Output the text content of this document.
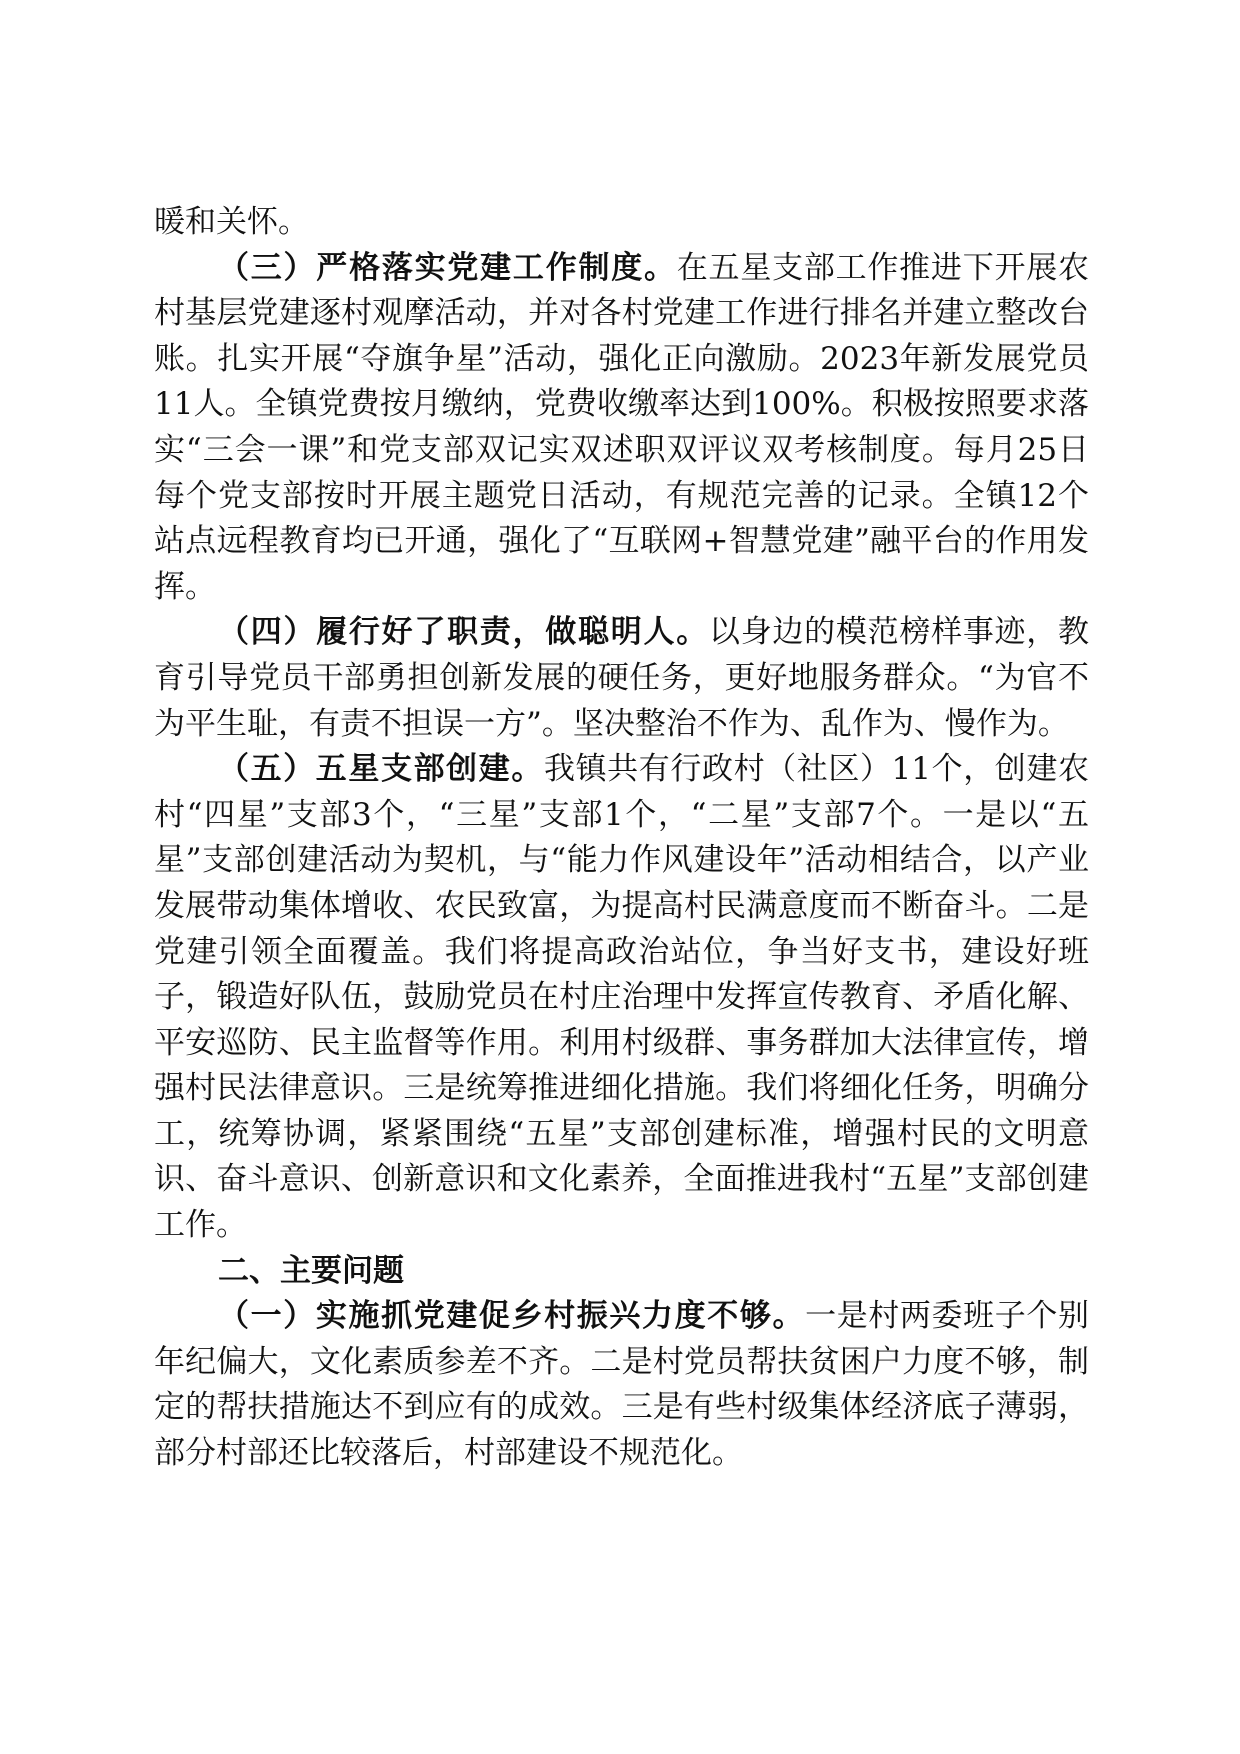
暖和关怀。

（三）严格落实党建工作制度。在五星支部工作推进下开展农村基层党建逐村观摩活动，并对各村党建工作进行排名并建立整改台账。扎实开展“夺旗争星”活动，强化正向激励。2023年新发展党员11人。全镇党费按月缴纳，党费收缴率达到100%。积极按照要求落实“三会一课”和党支部双记实双述职双评议双考核制度。每月25日每个党支部按时开展主题党日活动，有规范完善的记录。全镇12个站点远程教育均已开通，强化了“互联网+智慧党建”融平台的作用发挥。

（四）履行好了职责，做聪明人。以身边的模范榜样事迹，教育引导党员干部勇担创新发展的硬任务，更好地服务群众。“为官不为平生耻，有责不担误一方”。坚决整治不作为、乱作为、慢作为。

（五）五星支部创建。我镇共有行政村（社区）11个，创建农村“四星”支部3个，“三星”支部1个，“二星”支部7个。一是以“五星”支部创建活动为契机，与“能力作风建设年”活动相结合，以产业发展带动集体增收、农民致富，为提高村民满意度而不断奋斗。二是党建引领全面覆盖。我们将提高政治站位，争当好支书，建设好班子，锻造好队伍，鼓励党员在村庄治理中发挥宣传教育、矛盾化解、平安巡防、民主监督等作用。利用村级群、事务群加大法律宣传，增强村民法律意识。三是统筹推进细化措施。我们将细化任务，明确分工，统筹协调，紧紧围绕“五星”支部创建标准，增强村民的文明意识、奋斗意识、创新意识和文化素养，全面推进我村“五星”支部创建工作。

二、主要问题

（一）实施抓党建促乡村振兴力度不够。一是村两委班子个别年纪偏大，文化素质参差不齐。二是村党员帮扶贫困户力度不够，制定的帮扶措施达不到应有的成效。三是有些村级集体经济底子薄弱，部分村部还比较落后，村部建设不规范化。
